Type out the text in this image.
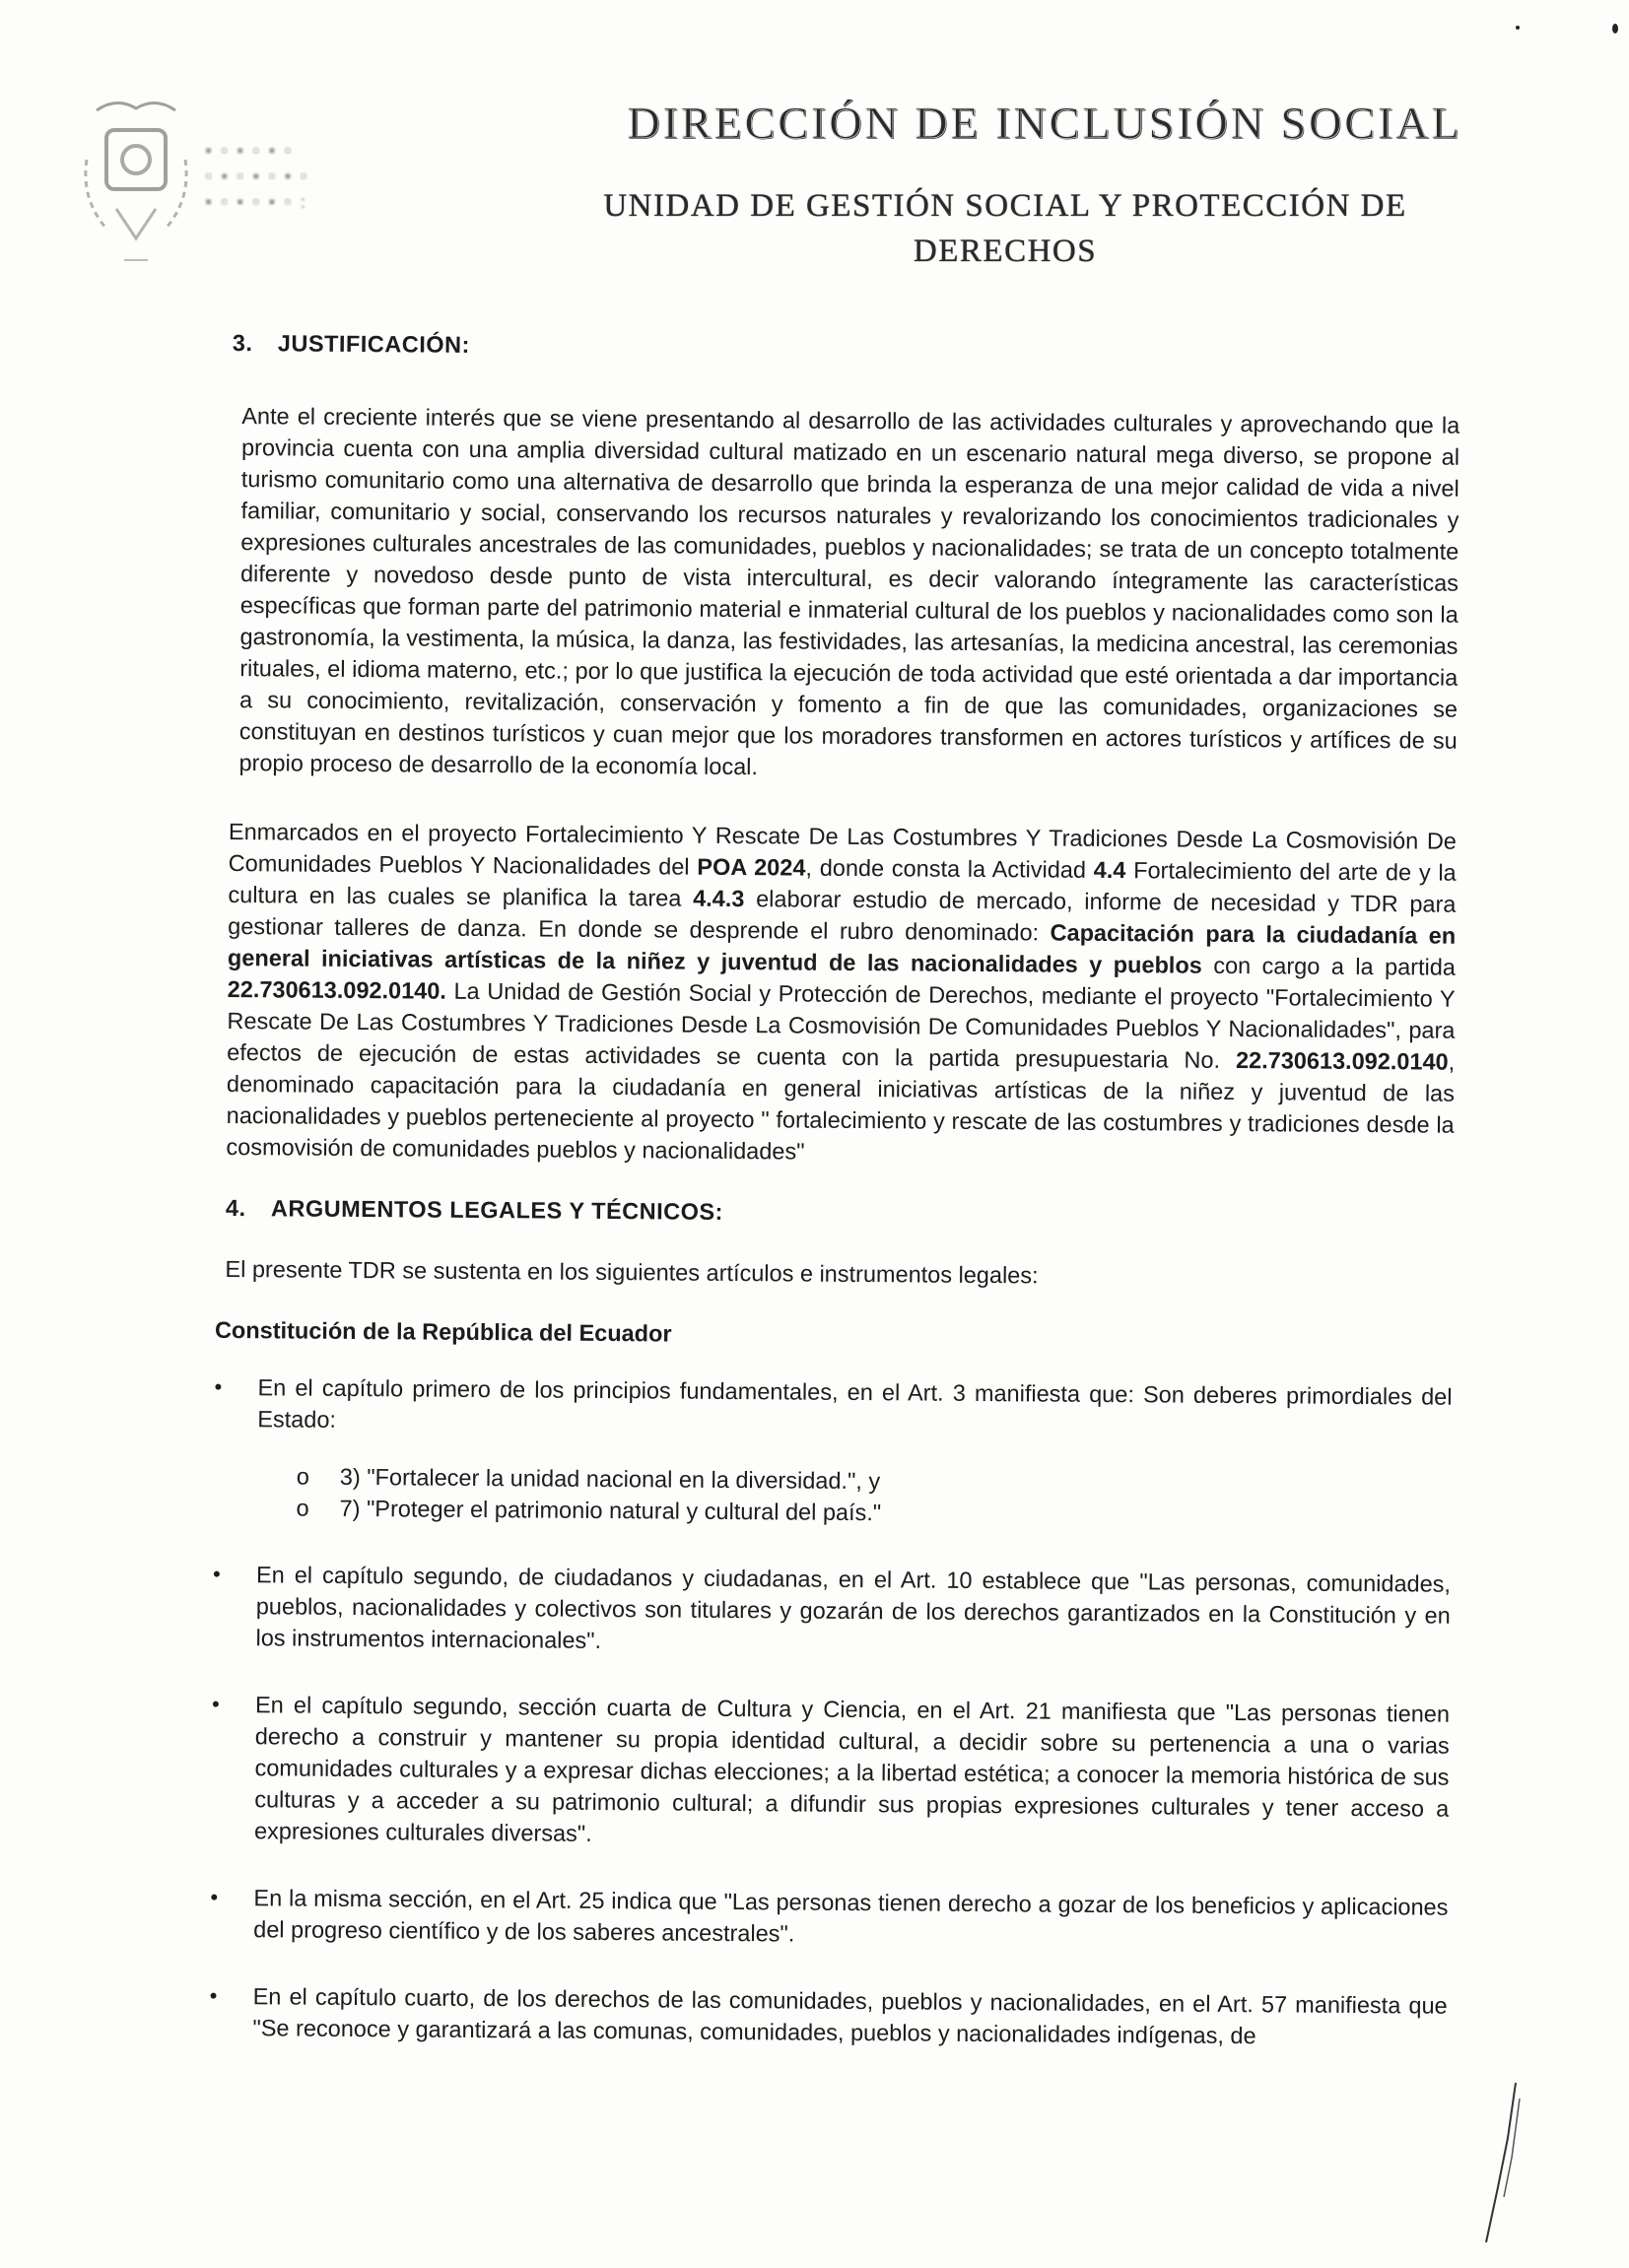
▪ ▫ ▪ ▫ ▪ ▫
▫ ▪ ▫ ▪ ▫ ▪ ▫
▪ ▫ ▪ ▫ ▪ ▫ :
DIRECCIÓN DE INCLUSIÓN SOCIAL
UNIDAD DE GESTIÓN SOCIAL Y PROTECCIÓN DE
DERECHOS

3. JUSTIFICACIÓN:

Ante el creciente interés que se viene presentando al desarrollo de las actividades culturales y aprovechando que la provincia cuenta con una amplia diversidad cultural matizado en un escenario natural mega diverso, se propone al turismo comunitario como una alternativa de desarrollo que brinda la esperanza de una mejor calidad de vida a nivel familiar, comunitario y social, conservando los recursos naturales y revalorizando los conocimientos tradicionales y expresiones culturales ancestrales de las comunidades, pueblos y nacionalidades; se trata de un concepto totalmente diferente y novedoso desde punto de vista intercultural, es decir valorando íntegramente las características específicas que forman parte del patrimonio material e inmaterial cultural de los pueblos y nacionalidades como son la gastronomía, la vestimenta, la música, la danza, las festividades, las artesanías, la medicina ancestral, las ceremonias rituales, el idioma materno, etc.; por lo que justifica la ejecución de toda actividad que esté orientada a dar importancia a su conocimiento, revitalización, conservación y fomento a fin de que las comunidades, organizaciones se constituyan en destinos turísticos y cuan mejor que los moradores transformen en actores turísticos y artífices de su propio proceso de desarrollo de la economía local.

Enmarcados en el proyecto Fortalecimiento Y Rescate De Las Costumbres Y Tradiciones Desde La Cosmovisión De Comunidades Pueblos Y Nacionalidades del POA 2024, donde consta la Actividad 4.4 Fortalecimiento del arte de y la cultura en las cuales se planifica la tarea 4.4.3 elaborar estudio de mercado, informe de necesidad y TDR para gestionar talleres de danza. En donde se desprende el rubro denominado: Capacitación para la ciudadanía en general iniciativas artísticas de la niñez y juventud de las nacionalidades y pueblos con cargo a la partida 22.730613.092.0140. La Unidad de Gestión Social y Protección de Derechos, mediante el proyecto "Fortalecimiento Y Rescate De Las Costumbres Y Tradiciones Desde La Cosmovisión De Comunidades Pueblos Y Nacionalidades", para efectos de ejecución de estas actividades se cuenta con la partida presupuestaria No. 22.730613.092.0140, denominado capacitación para la ciudadanía en general iniciativas artísticas de la niñez y juventud de las nacionalidades y pueblos perteneciente al proyecto " fortalecimiento y rescate de las costumbres y tradiciones desde la cosmovisión de comunidades pueblos y nacionalidades"

4. ARGUMENTOS LEGALES Y TÉCNICOS:

El presente TDR se sustenta en los siguientes artículos e instrumentos legales:

Constitución de la República del Ecuador

• En el capítulo primero de los principios fundamentales, en el Art. 3 manifiesta que: Son deberes primordiales del Estado:
o 3) "Fortalecer la unidad nacional en la diversidad.", y
o 7) "Proteger el patrimonio natural y cultural del país."
• En el capítulo segundo, de ciudadanos y ciudadanas, en el Art. 10 establece que "Las personas, comunidades, pueblos, nacionalidades y colectivos son titulares y gozarán de los derechos garantizados en la Constitución y en los instrumentos internacionales".
• En el capítulo segundo, sección cuarta de Cultura y Ciencia, en el Art. 21 manifiesta que "Las personas tienen derecho a construir y mantener su propia identidad cultural, a decidir sobre su pertenencia a una o varias comunidades culturales y a expresar dichas elecciones; a la libertad estética; a conocer la memoria histórica de sus culturas y a acceder a su patrimonio cultural; a difundir sus propias expresiones culturales y tener acceso a expresiones culturales diversas".
• En la misma sección, en el Art. 25 indica que "Las personas tienen derecho a gozar de los beneficios y aplicaciones del progreso científico y de los saberes ancestrales".
• En el capítulo cuarto, de los derechos de las comunidades, pueblos y nacionalidades, en el Art. 57 manifiesta que "Se reconoce y garantizará a las comunas, comunidades, pueblos y nacionalidades indígenas, de
